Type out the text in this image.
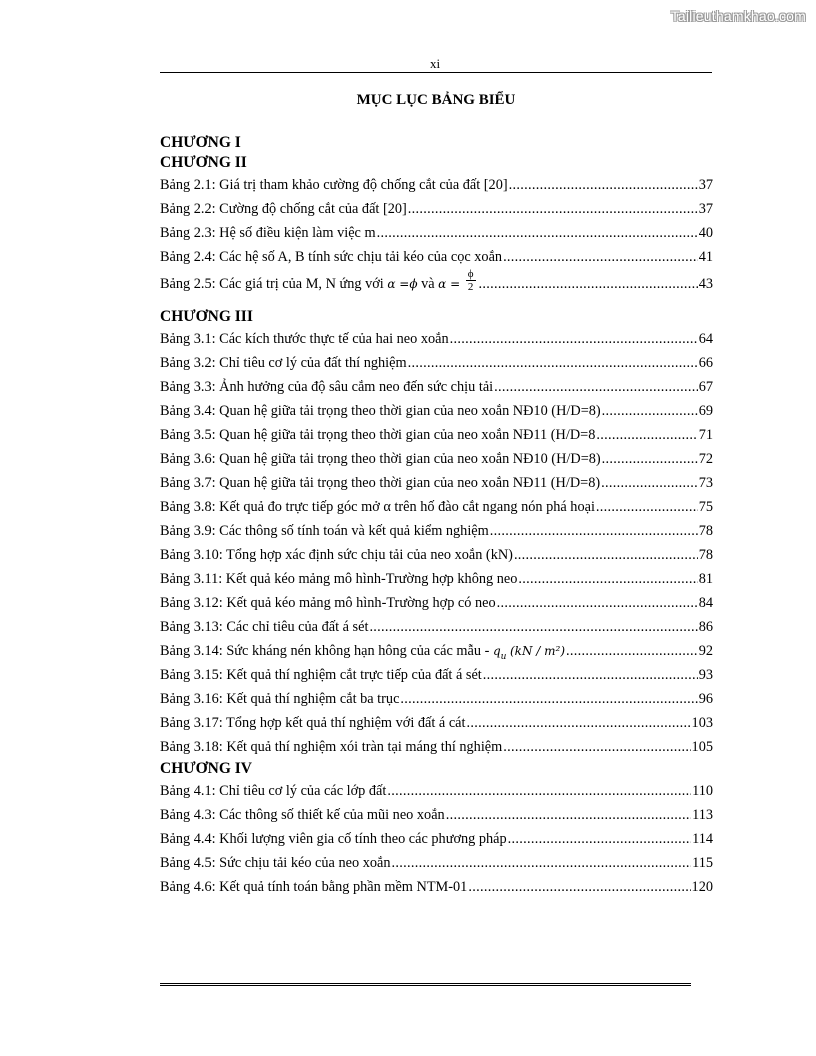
Tailieuthamkhao.com
xi
MỤC LỤC BẢNG BIỂU
CHƯƠNG I
CHƯƠNG II
Bảng 2.1: Giá trị tham khảo cường độ chống cắt của đất [20] .....	37
Bảng 2.2: Cường độ chống cắt của đất [20] .....	37
Bảng 2.3: Hệ số điều kiện làm việc m .....	40
Bảng 2.4: Các hệ số A, B tính sức chịu tải kéo của cọc xoắn .....	41
Bảng 2.5: Các giá trị của M, N ứng với α =ϕ và $\alpha = \frac{\phi}{2}$ .....	43
CHƯƠNG III
Bảng 3.1: Các kích thước thực tế của hai neo xoắn .....	64
Bảng 3.2: Chỉ tiêu cơ lý của đất thí nghiệm .....	66
Bảng 3.3: Ảnh hưởng của độ sâu cắm neo đến sức chịu tải .....	67
Bảng 3.4: Quan hệ giữa tải trọng theo thời gian của neo xoắn NĐ10 (H/D=8) .....	69
Bảng 3.5: Quan hệ giữa tải trọng theo thời gian của neo xoắn NĐ11 (H/D=8 .....	71
Bảng 3.6: Quan hệ giữa tải trọng theo thời gian của neo xoắn NĐ10 (H/D=8) .....	72
Bảng 3.7: Quan hệ giữa tải trọng theo thời gian của neo xoắn NĐ11 (H/D=8) .....	73
Bảng 3.8: Kết quả đo trực tiếp góc mở α trên hố đào cắt ngang nón phá hoại .....	75
Bảng 3.9: Các thông số tính toán và kết quả kiểm nghiệm .....	78
Bảng 3.10: Tổng hợp xác định sức chịu tải của neo xoắn (kN) .....	78
Bảng 3.11: Kết quả kéo mảng mô hình-Trường hợp không neo .....	81
Bảng 3.12: Kết quả kéo mảng mô hình-Trường hợp có neo .....	84
Bảng 3.13: Các chỉ tiêu của đất á sét .....	86
Bảng 3.14: Sức kháng nén không hạn hông của các mẫu - $q_u$ (kN / m²) .....	92
Bảng 3.15: Kết quả thí nghiệm cắt trực tiếp của đất á sét .....	93
Bảng 3.16: Kết quả thí nghiệm cắt ba trục .....	96
Bảng 3.17: Tổng hợp kết quả thí nghiệm với đất á cát .....	103
Bảng 3.18: Kết quả thí nghiệm xói tràn tại máng thí nghiệm .....	105
CHƯƠNG IV
Bảng 4.1: Chỉ tiêu cơ lý của các lớp đất .....	110
Bảng 4.3: Các thông số thiết kế của mũi neo xoắn .....	113
Bảng 4.4: Khối lượng viên gia cố tính theo các phương pháp .....	114
Bảng 4.5: Sức chịu tải kéo của neo xoắn .....	115
Bảng 4.6: Kết quả tính toán bằng phần mềm NTM-01 .....	120
